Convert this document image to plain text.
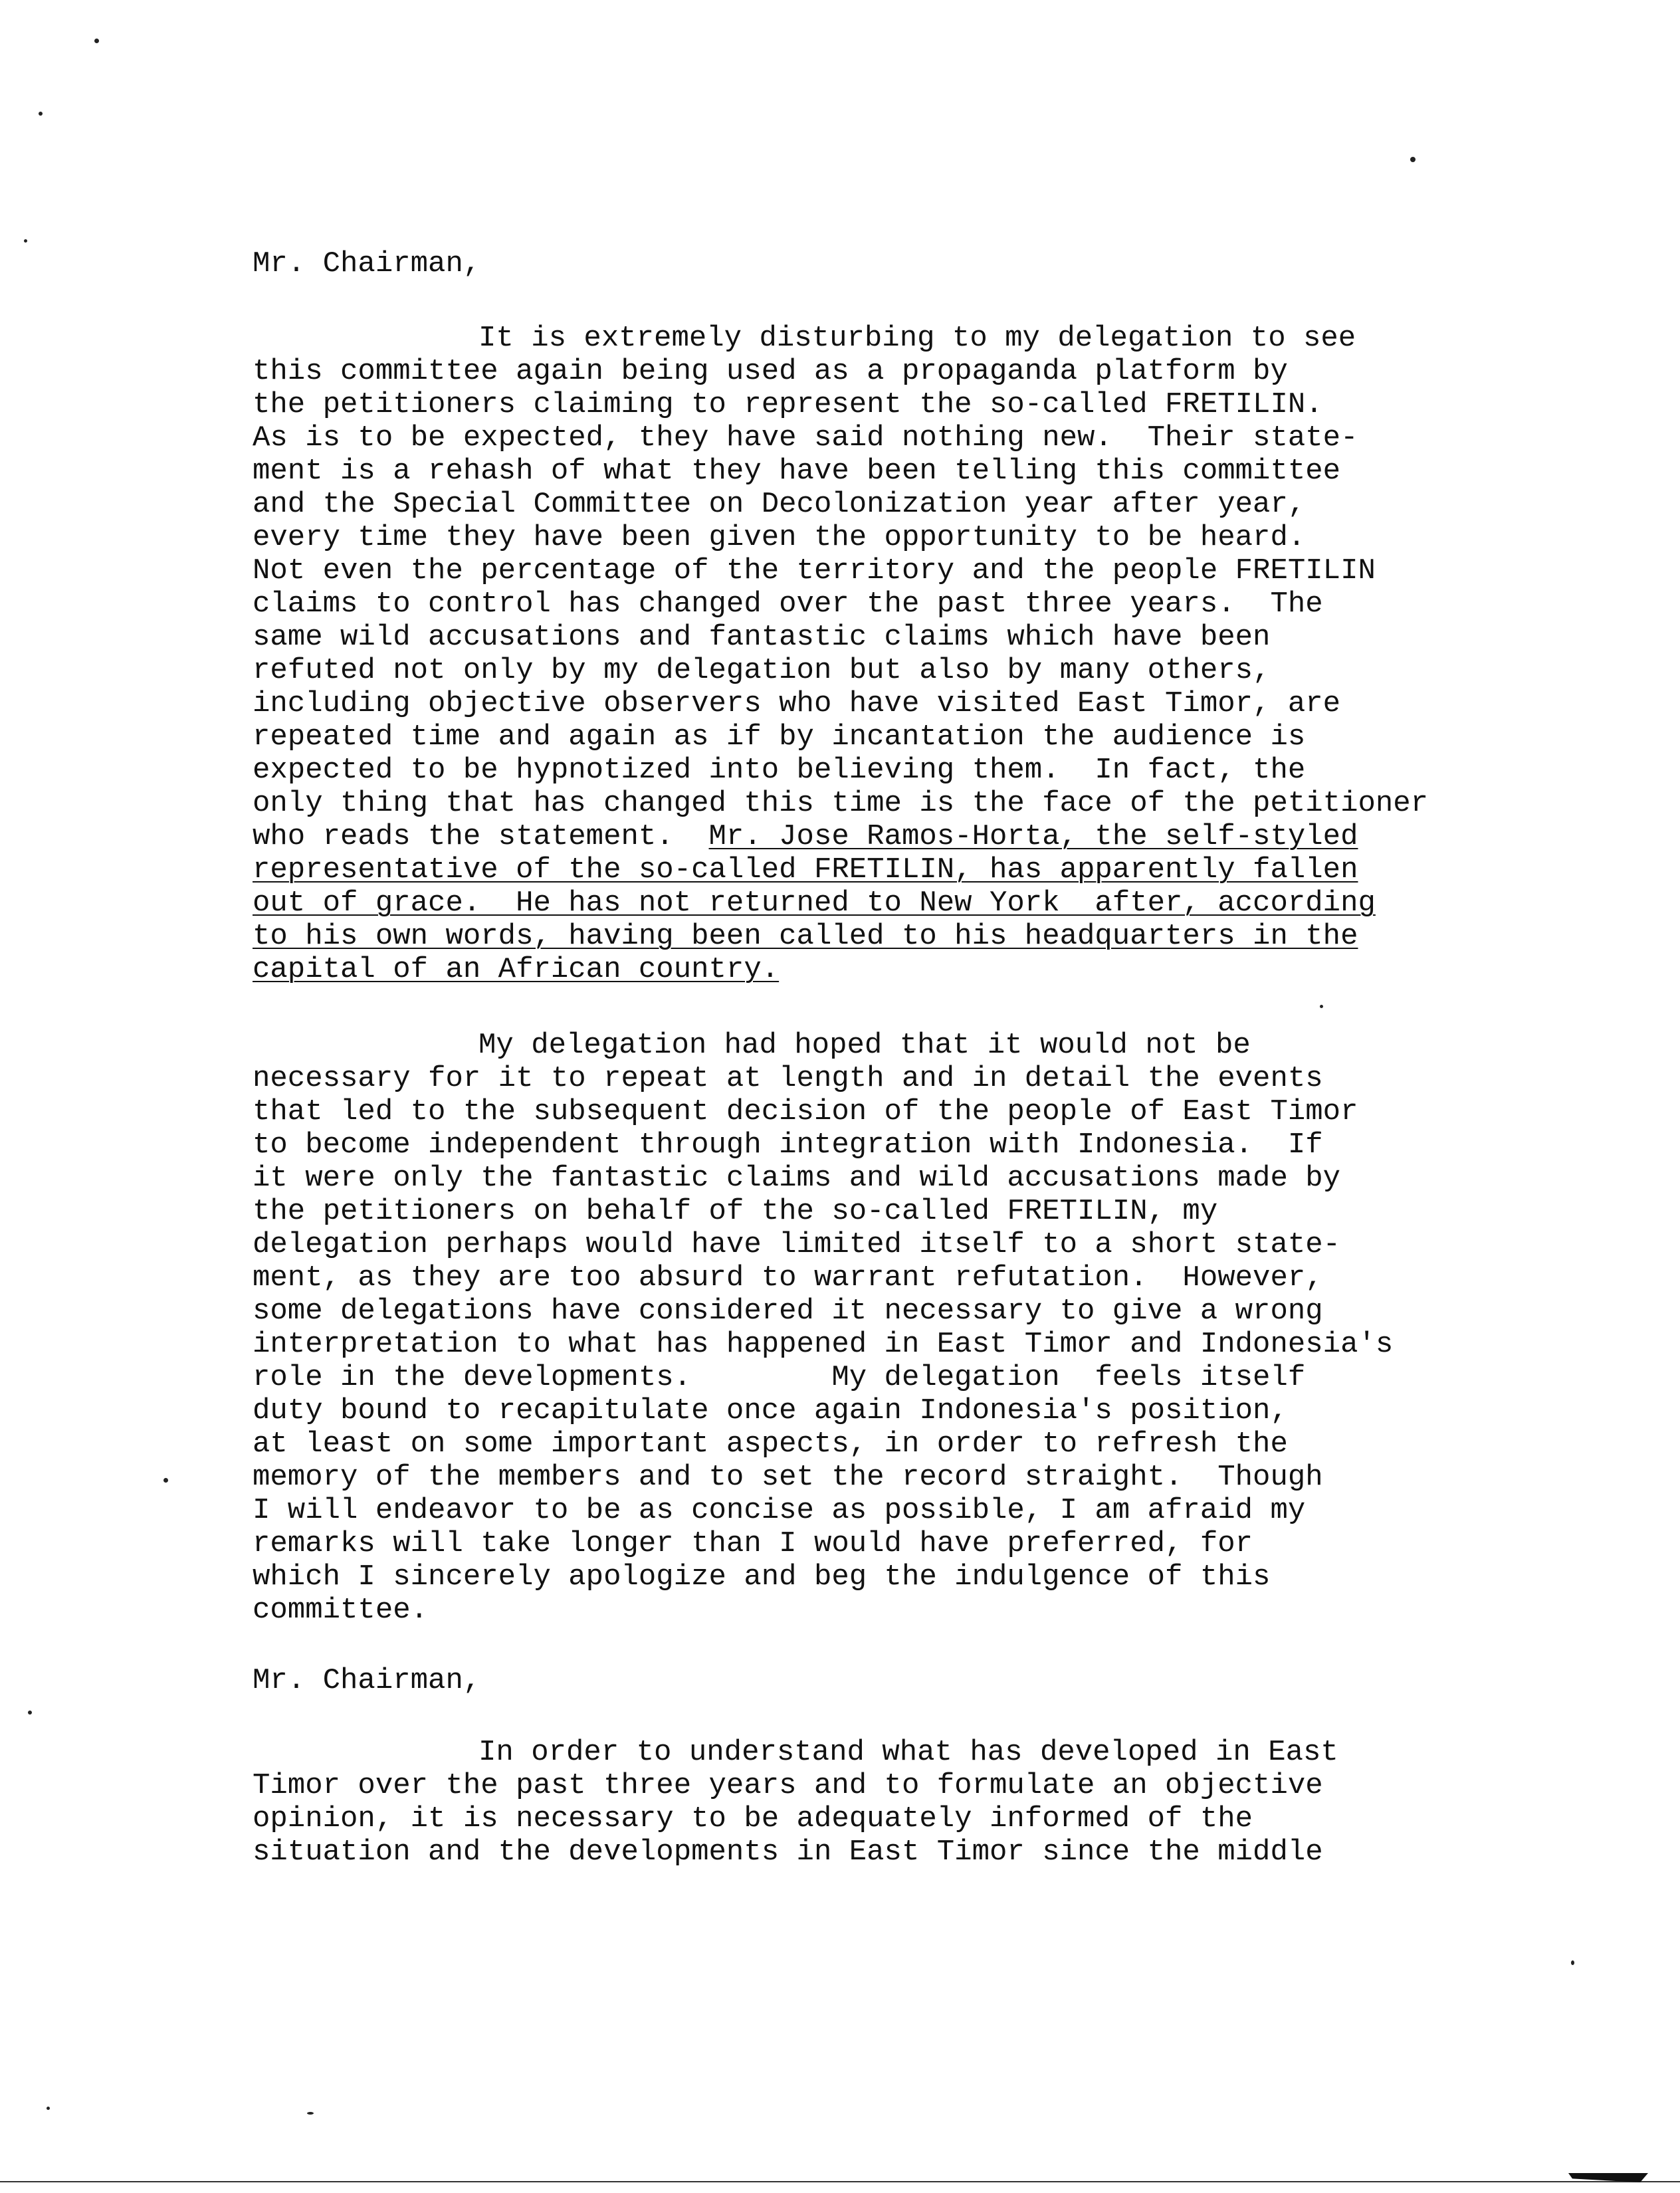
Mr. Chairman,
It is extremely disturbing to my delegation to see
this committee again being used as a propaganda platform by
the petitioners claiming to represent the so-called FRETILIN.
As is to be expected, they have said nothing new.  Their state-
ment is a rehash of what they have been telling this committee
and the Special Committee on Decolonization year after year,
every time they have been given the opportunity to be heard.
Not even the percentage of the territory and the people FRETILIN
claims to control has changed over the past three years.  The
same wild accusations and fantastic claims which have been
refuted not only by my delegation but also by many others,
including objective observers who have visited East Timor, are
repeated time and again as if by incantation the audience is
expected to be hypnotized into believing them.  In fact, the
only thing that has changed this time is the face of the petitioner
who reads the statement.  Mr. Jose Ramos-Horta, the self-styled
representative of the so-called FRETILIN, has apparently fallen
out of grace.  He has not returned to New York  after, according
to his own words, having been called to his headquarters in the
capital of an African country.
My delegation had hoped that it would not be
necessary for it to repeat at length and in detail the events
that led to the subsequent decision of the people of East Timor
to become independent through integration with Indonesia.  If
it were only the fantastic claims and wild accusations made by
the petitioners on behalf of the so-called FRETILIN, my
delegation perhaps would have limited itself to a short state-
ment, as they are too absurd to warrant refutation.  However,
some delegations have considered it necessary to give a wrong
interpretation to what has happened in East Timor and Indonesia's
role in the developments.        My delegation  feels itself
duty bound to recapitulate once again Indonesia's position,
at least on some important aspects, in order to refresh the
memory of the members and to set the record straight.  Though
I will endeavor to be as concise as possible, I am afraid my
remarks will take longer than I would have preferred, for
which I sincerely apologize and beg the indulgence of this
committee.
Mr. Chairman,
In order to understand what has developed in East
Timor over the past three years and to formulate an objective
opinion, it is necessary to be adequately informed of the
situation and the developments in East Timor since the middle
